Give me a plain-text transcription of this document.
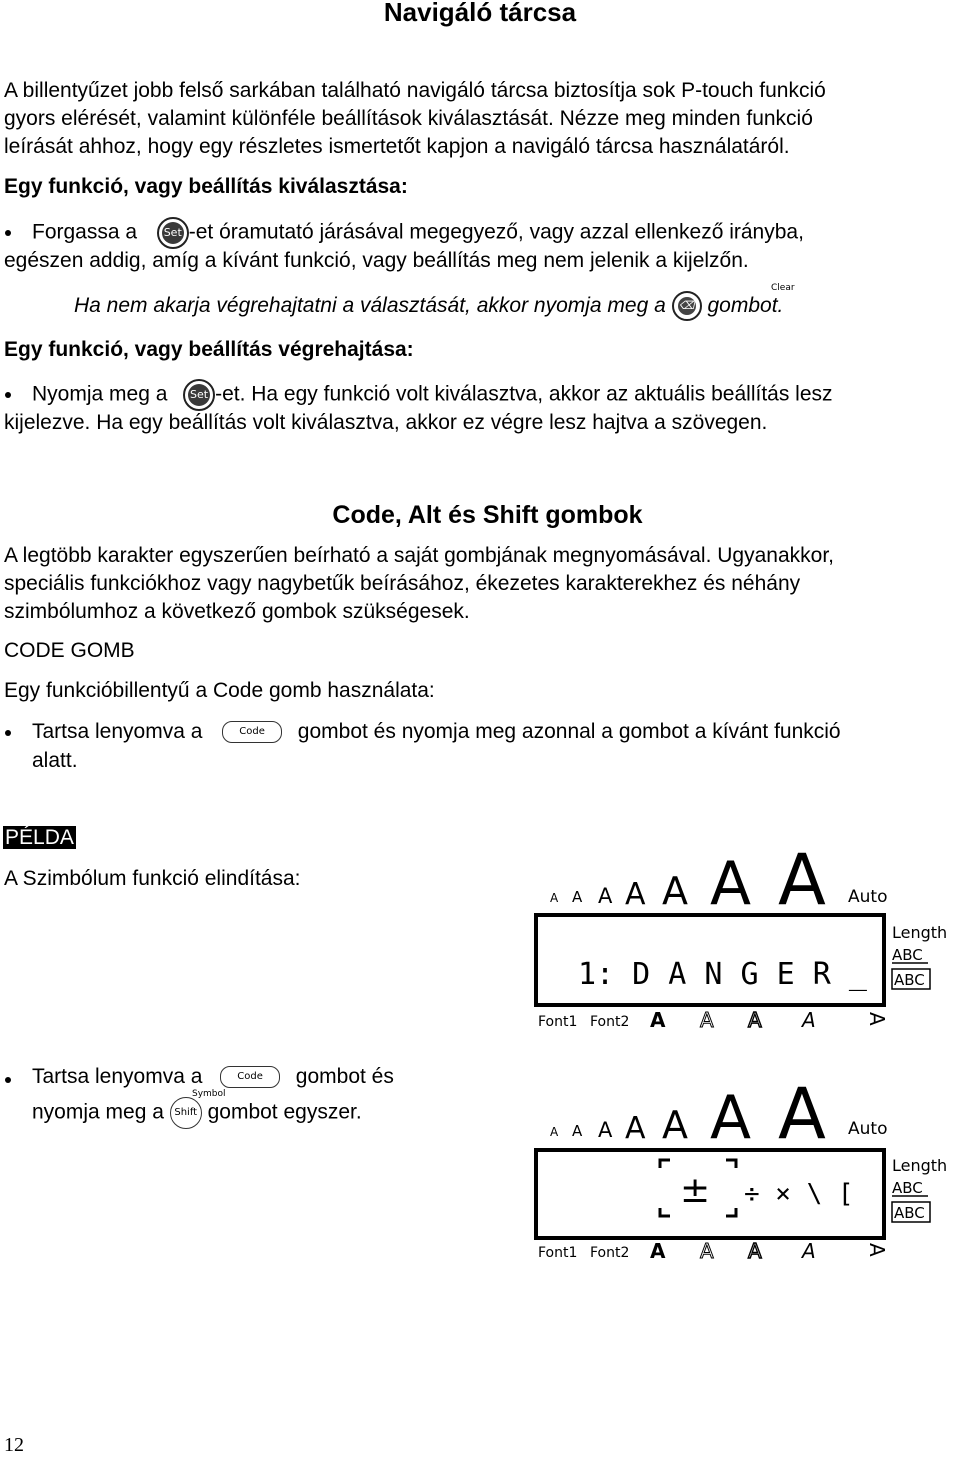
Navigáló tárcsa
A billentyűzet jobb felső sarkában található navigáló tárcsa biztosítja sok P-touch funkció
gyors elérését, valamint különféle beállítások kiválasztását. Nézze meg minden funkció
leírását ahhoz, hogy egy részletes ismertetőt kapjon a navigáló tárcsa használatáról.
Egy funkció, vagy beállítás kiválasztása:
Forgassa a Set -et óramutató járásával megegyező, vagy azzal ellenkező irányba,
egészen addig, amíg a kívánt funkció, vagy beállítás meg nem jelenik a kijelzőn.
Clear
Ha nem akarja végrehajtatni a választását, akkor nyomja meg a ⌫ gombot.
Egy funkció, vagy beállítás végrehajtása:
Nyomja meg a Set -et. Ha egy funkció volt kiválasztva, akkor az aktuális beállítás lesz
kijelezve. Ha egy beállítás volt kiválasztva, akkor ez végre lesz hajtva a szövegen.
Code, Alt és Shift gombok
A legtöbb karakter egyszerűen beírható a saját gombjának megnyomásával. Ugyanakkor,
speciális funkciókhoz vagy nagybetűk beírásához, ékezetes karakterekhez és néhány
szimbólumhoz a következő gombok szükségesek.
CODE GOMB
Egy funkcióbillentyű a Code gomb használata:
Tartsa lenyomva a	Code gombot és nyomja meg azonnal a gombot a kívánt funkció
alatt.
PÉLDA
A Szimbólum funkció elindítása:
Tartsa lenyomva a	Code gombot és
Symbol
nyomja meg a Shift gombot egyszer.
A A A A A A A Auto
Length
ABC
ABC
1: D A N G E R _
Font1 Font2 A A A A A
A A A A A A A Auto
Length
ABC
ABC
± ÷ × \ [
Font1 Font2 A A A A A
12
